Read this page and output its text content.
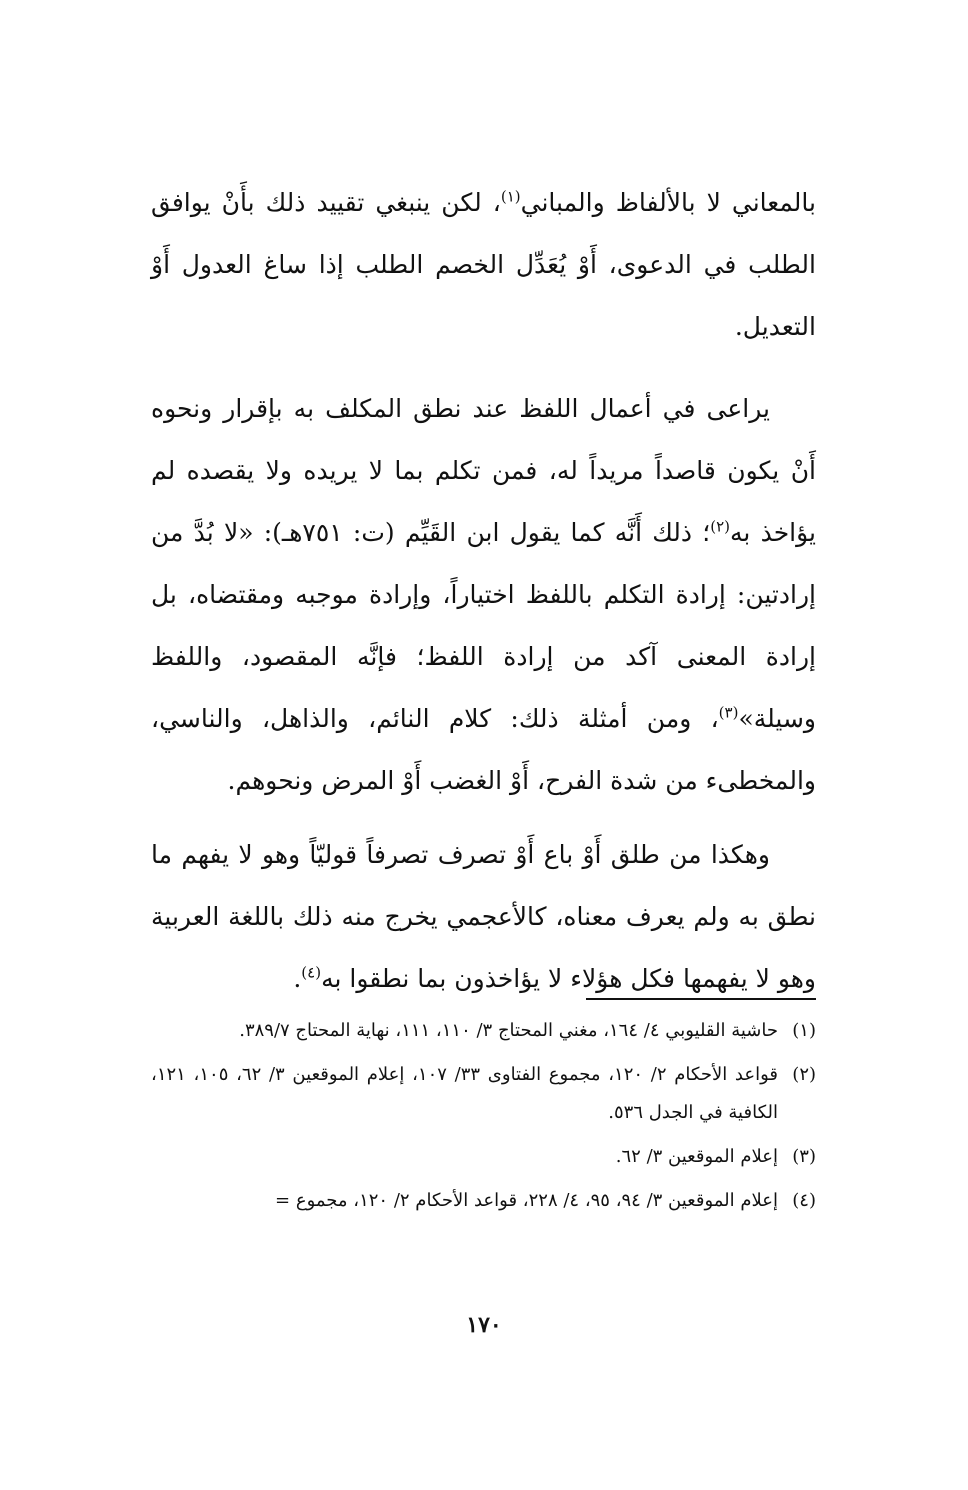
بالمعاني لا بالألفاظ والمباني$^{(١)}$، لكن ينبغي تقييد ذلك بأَنْ يوافق الطلب في الدعوى، أَوْ يُعَدِّل الخصم الطلب إذا ساغ العدول أَوْ التعديل.

يراعى في أعمال اللفظ عند نطق المكلف به بإقرار ونحوه أَنْ يكون قاصداً مريداً له، فمن تكلم بما لا يريده ولا يقصده لم يؤاخذ به$^{(٢)}$؛ ذلك أَنَّه كما يقول ابن القَيِّم (ت: ٧٥١هـ): «لا بُدَّ من إرادتين: إرادة التكلم باللفظ اختياراً، وإرادة موجبه ومقتضاه، بل إرادة المعنى آكد من إرادة اللفظ؛ فإنَّه المقصود، واللفظ وسيلة»$^{(٣)}$، ومن أمثلة ذلك: كلام النائم، والذاهل، والناسي، والمخطىء من شدة الفرح، أَوْ الغضب أَوْ المرض ونحوهم.

وهكذا من طلق أَوْ باع أَوْ تصرف تصرفاً قوليّاً وهو لا يفهم ما نطق به ولم يعرف معناه، كالأعجمي يخرج منه ذلك باللغة العربية وهو لا يفهمها فكل هؤلاء لا يؤاخذون بما نطقوا به$^{(٤)}$.

(١)حاشية القليوبي ٤/ ١٦٤، مغني المحتاج ٣/ ١١٠، ١١١، نهاية المحتاج ٣٨٩/٧.

(٢)قواعد الأحكام ٢/ ١٢٠، مجموع الفتاوى ٣٣/ ١٠٧، إعلام الموقعين ٣/ ٦٢، ١٠٥، ١٢١، الكافية في الجدل ٥٣٦.

(٣)إعلام الموقعين ٣/ ٦٢.

(٤)إعلام الموقعين ٣/ ٩٤، ٩٥، ٤/ ٢٢٨، قواعد الأحكام ٢/ ١٢٠، مجموع =

١٧٠
